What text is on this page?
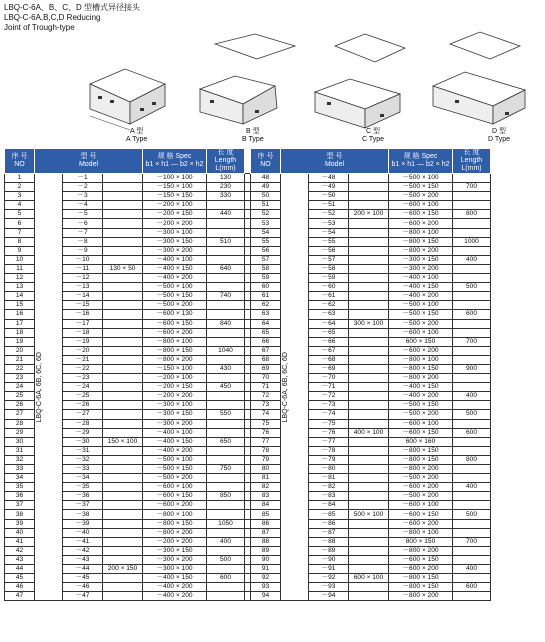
LBQ-C-6A、B、C、D 型槽式异径接头
LBQ-C-6A,B,C,D Reducing
Joint of Trough-type
A 型
A Type
B 型
B Type
C 型
C Type
D 型
D Type
序 号
NO	型 号
Model			规 格 Spec
b1 × h1 — b2 × h2	长 度 Length
L(mm)		序 号
NO	型 号
Model			规 格 Spec
b1 × h1 — b2 × h2	长 度 Length
L(mm)
1	LBQ-C-6A, 6B, 6C, 6D	－1		－100 × 100	130		48	LBQ-C-6A, 6B, 6C, 6D	－48		－500 × 100	
2		－2		－150 × 100	230		49		－49		－500 × 150	700
3		－3		－150 × 150	330		50		－50		－500 × 200	
4		－4		－200 × 100			51		－51		－600 × 100	
5		－5		－200 × 150	440		52		－52	200 × 100	－600 × 150	800
6		－6		－200 × 200			53		－53		－600 × 200	
7		－7		－300 × 100			54		－54		－800 × 100	
8		－8		－300 × 150	510		55		－55		－800 × 150	1000
9		－9		－300 × 200			56		－56		－800 × 200	
10		－10		－400 × 100			57		－57		－300 × 150	400
11		－11	130 × 50	－400 × 150	640		58		－58		－300 × 200	
12		－12		－400 × 200			59		－59		－400 × 100	
13		－13		－500 × 100			60		－60		－400 × 150	500
14		－14		－500 × 150	740		61		－61		－400 × 200	
15		－15		－500 × 200			62		－62		－500 × 100	
16		－16		－600 × 130			63		－63		－500 × 150	600
17		－17		－600 × 150	840		64		－64	300 × 100	－500 × 200	
18		－18		－600 × 200			65		－65		－600 × 100	
19		－19		－800 × 100			66		－66		600 × 150	700
20		－20		－800 × 150	1040		67		－67		－600 × 200	
21		－21		－800 × 200			68		－68		－800 × 100	
22		－22		－150 × 100	430		69		－69		－800 × 150	900
23		－23		－200 × 100			70		－70		－800 × 200	
24		－24		－200 × 150	450		71		－71		－400 × 150	
25		－25		－200 × 200			72		－72		－400 × 200	400
26		－26		－300 × 100			73		－73		－500 × 150	
27		－27		－300 × 150	550		74		－74		－500 × 200	500
28		－28		－300 × 200			75		－75		－600 × 100	
29		－29		－400 × 100			76		－76	400 × 100	－600 × 150	600
30		－30	150 × 100	－400 × 150	650		77		－77		600 × 160	
31		－31		－400 × 200			78		－78		－800 × 150	
32		－32		－500 × 100			79		－79		－800 × 150	800
33		－33		－500 × 150	750		80		－80		－800 × 200	
34		－34		－500 × 200			81		－81		－500 × 200	
35		－35		－600 × 100			82		－82		－600 × 200	400
36		－36		－600 × 150	850		83		－83		－500 × 200	
37		－37		－600 × 200			84		－84		－600 × 100	
38		－38		－800 × 100			85		－85	500 × 100	－600 × 150	500
39		－39		－800 × 150	1050		86		－86		－600 × 200	
40		－40		－800 × 200			87		－87		－800 × 100	
41		－41		－200 × 200	400		88		－88		800 × 150	700
42		－42		－300 × 150			89		－89		－800 × 200	
43		－43		－300 × 200	500		90		－90		－600 × 150	
44		－44	200 × 150	－300 × 100			91		－91		－600 × 200	400
45		－45		－400 × 150	600		92		－92	600 × 100	－800 × 150	
46		－46		－400 × 200			93		－93		－800 × 150	600
47		－47		－400 × 200			94		－94		－800 × 200	
